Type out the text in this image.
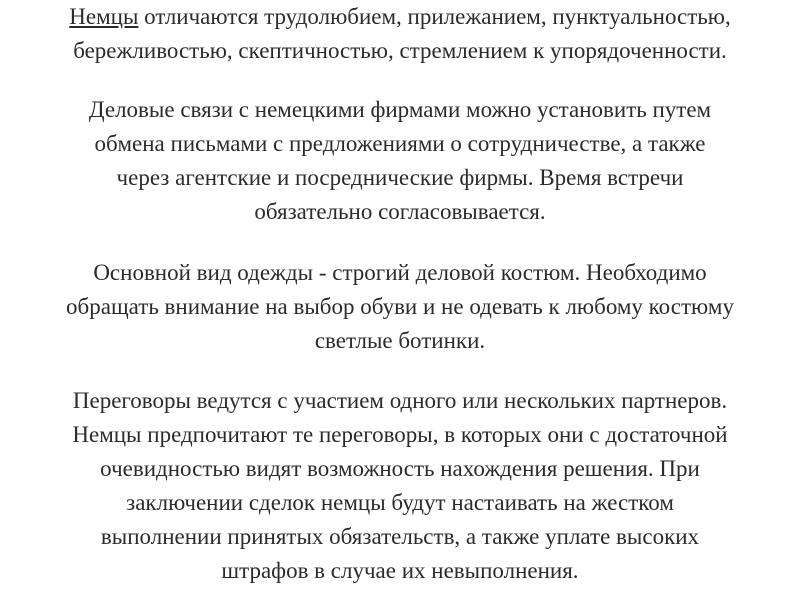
Немцы отличаются трудолюбием, прилежанием, пунктуальностью,
бережливостью, скептичностью, стремлением к упорядоченности.

Деловые связи с немецкими фирмами можно установить путем
обмена письмами с предложениями о сотрудничестве, а также
через агентские и посреднические фирмы. Время встречи
обязательно согласовывается.

Основной вид одежды - строгий деловой костюм. Необходимо
обращать внимание на выбор обуви и не одевать к любому костюму
светлые ботинки.

Переговоры ведутся с участием одного или нескольких партнеров.
Немцы предпочитают те переговоры, в которых они с достаточной
очевидностью видят возможность нахождения решения. При
заключении сделок немцы будут настаивать на жестком
выполнении принятых обязательств, а также уплате высоких
штрафов в случае их невыполнения.
